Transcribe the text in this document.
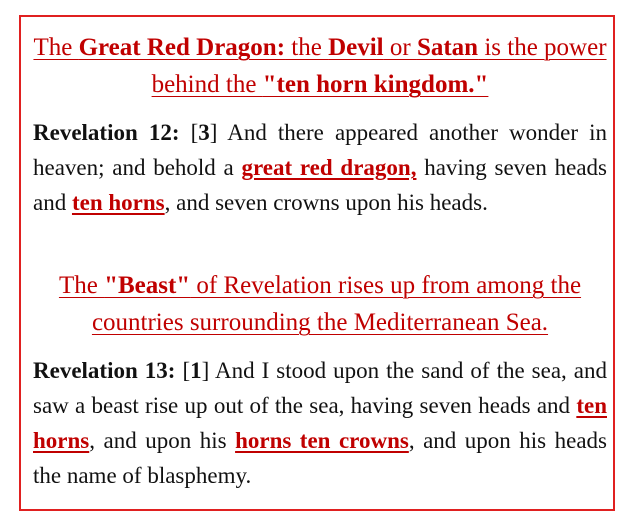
The Great Red Dragon: the Devil or Satan is the power behind the "ten horn kingdom."
Revelation 12: [3] And there appeared another wonder in heaven; and behold a great red dragon, having seven heads and ten horns, and seven crowns upon his heads.
The "Beast" of Revelation rises up from among the countries surrounding the Mediterranean Sea.
Revelation 13: [1] And I stood upon the sand of the sea, and saw a beast rise up out of the sea, having seven heads and ten horns, and upon his horns ten crowns, and upon his heads the name of blasphemy.
